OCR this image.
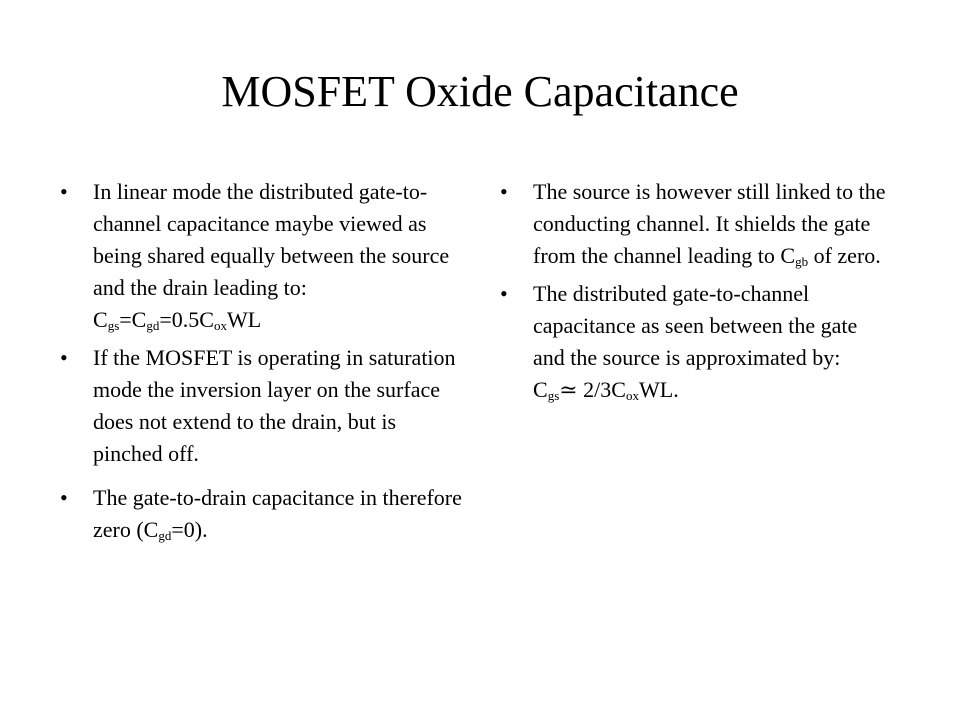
MOSFET Oxide Capacitance
• In linear mode the distributed gate-to-channel capacitance maybe viewed as being shared equally between the source and the drain leading to:
$C_{gs}=C_{gd}=0.5C_{ox}WL$
• If the MOSFET is operating in saturation mode the inversion layer on the surface does not extend to the drain, but is pinched off.
• The gate-to-drain capacitance in therefore zero $(C_{gd}=0)$.
• The source is however still linked to the conducting channel. It shields the gate from the channel leading to $C_{gb}$ of zero.
• The distributed gate-to-channel capacitance as seen between the gate and the source is approximated by: $C_{gs}≃$ $2/3C_{ox}WL$.
